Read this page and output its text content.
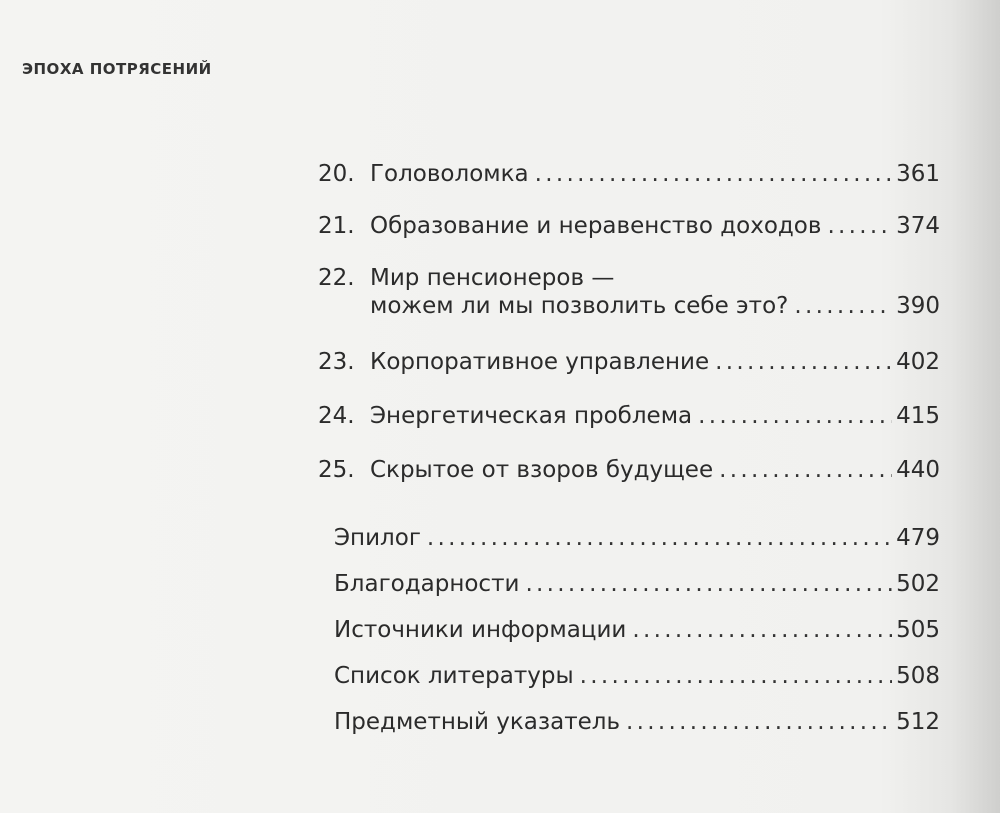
ЭПОХА ПОТРЯСЕНИЙ
20. Головоломка . . .	361
21. Образование и неравенство доходов . . .	374
22. Мир пенсионеров —
можем ли мы позволить себе это? . . .	390
23. Корпоративное управление . . .	402
24. Энергетическая проблема . . .	415
25. Скрытое от взоров будущее . . .	440
Эпилог . . .	479
Благодарности . . .	502
Источники информации . . .	505
Список литературы . . .	508
Предметный указатель . . .	512
